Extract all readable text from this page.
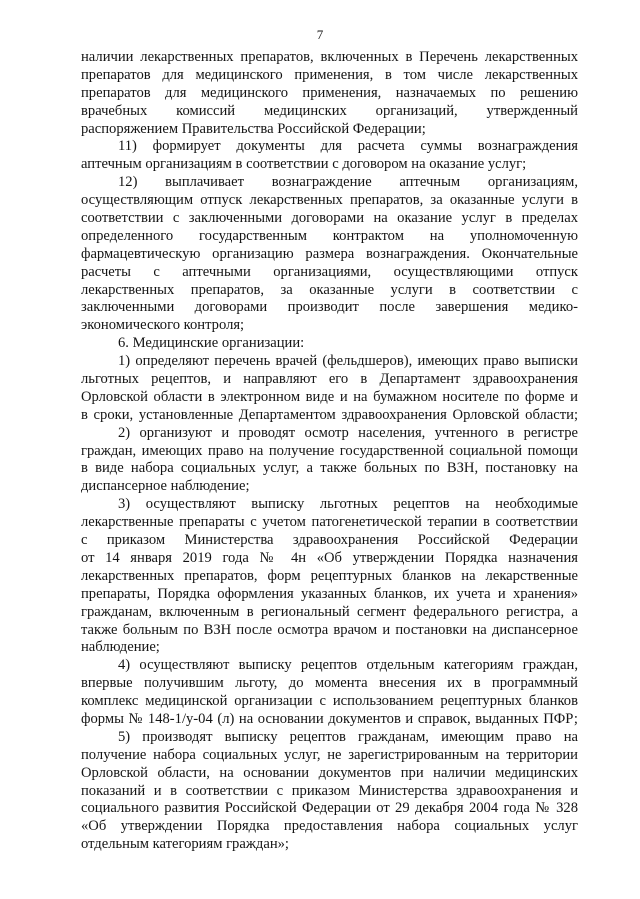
7
наличии лекарственных препаратов, включенных в Перечень лекарственных
препаратов для медицинского применения, в том числе лекарственных
препаратов для медицинского применения, назначаемых по решению
врачебных комиссий медицинских организаций, утвержденный
распоряжением Правительства Российской Федерации;
11) формирует документы для расчета суммы вознаграждения
аптечным организациям в соответствии с договором на оказание услуг;
12) выплачивает вознаграждение аптечным организациям,
осуществляющим отпуск лекарственных препаратов, за оказанные услуги в
соответствии с заключенными договорами на оказание услуг в пределах
определенного государственным контрактом на уполномоченную
фармацевтическую организацию размера вознаграждения. Окончательные
расчеты с аптечными организациями, осуществляющими отпуск
лекарственных препаратов, за оказанные услуги в соответствии с
заключенными договорами производит после завершения медико-
экономического контроля;
6. Медицинские организации:
1) определяют перечень врачей (фельдшеров), имеющих право выписки
льготных рецептов, и направляют его в Департамент здравоохранения
Орловской области в электронном виде и на бумажном носителе по форме и
в сроки, установленные Департаментом здравоохранения Орловской области;
2) организуют и проводят осмотр населения, учтенного в регистре
граждан, имеющих право на получение государственной социальной помощи
в виде набора социальных услуг, а также больных по ВЗН, постановку на
диспансерное наблюдение;
3) осуществляют выписку льготных рецептов на необходимые
лекарственные препараты с учетом патогенетической терапии в соответствии
с приказом Министерства здравоохранения Российской Федерации
от 14 января 2019 года № 4н «Об утверждении Порядка назначения
лекарственных препаратов, форм рецептурных бланков на лекарственные
препараты, Порядка оформления указанных бланков, их учета и хранения»
гражданам, включенным в региональный сегмент федерального регистра, а
также больным по ВЗН после осмотра врачом и постановки на диспансерное
наблюдение;
4) осуществляют выписку рецептов отдельным категориям граждан,
впервые получившим льготу, до момента внесения их в программный
комплекс медицинской организации с использованием рецептурных бланков
формы № 148-1/у-04 (л) на основании документов и справок, выданных ПФР;
5) производят выписку рецептов гражданам, имеющим право на
получение набора социальных услуг, не зарегистрированным на территории
Орловской области, на основании документов при наличии медицинских
показаний и в соответствии с приказом Министерства здравоохранения и
социального развития Российской Федерации от 29 декабря 2004 года № 328
«Об утверждении Порядка предоставления набора социальных услуг
отдельным категориям граждан»;
